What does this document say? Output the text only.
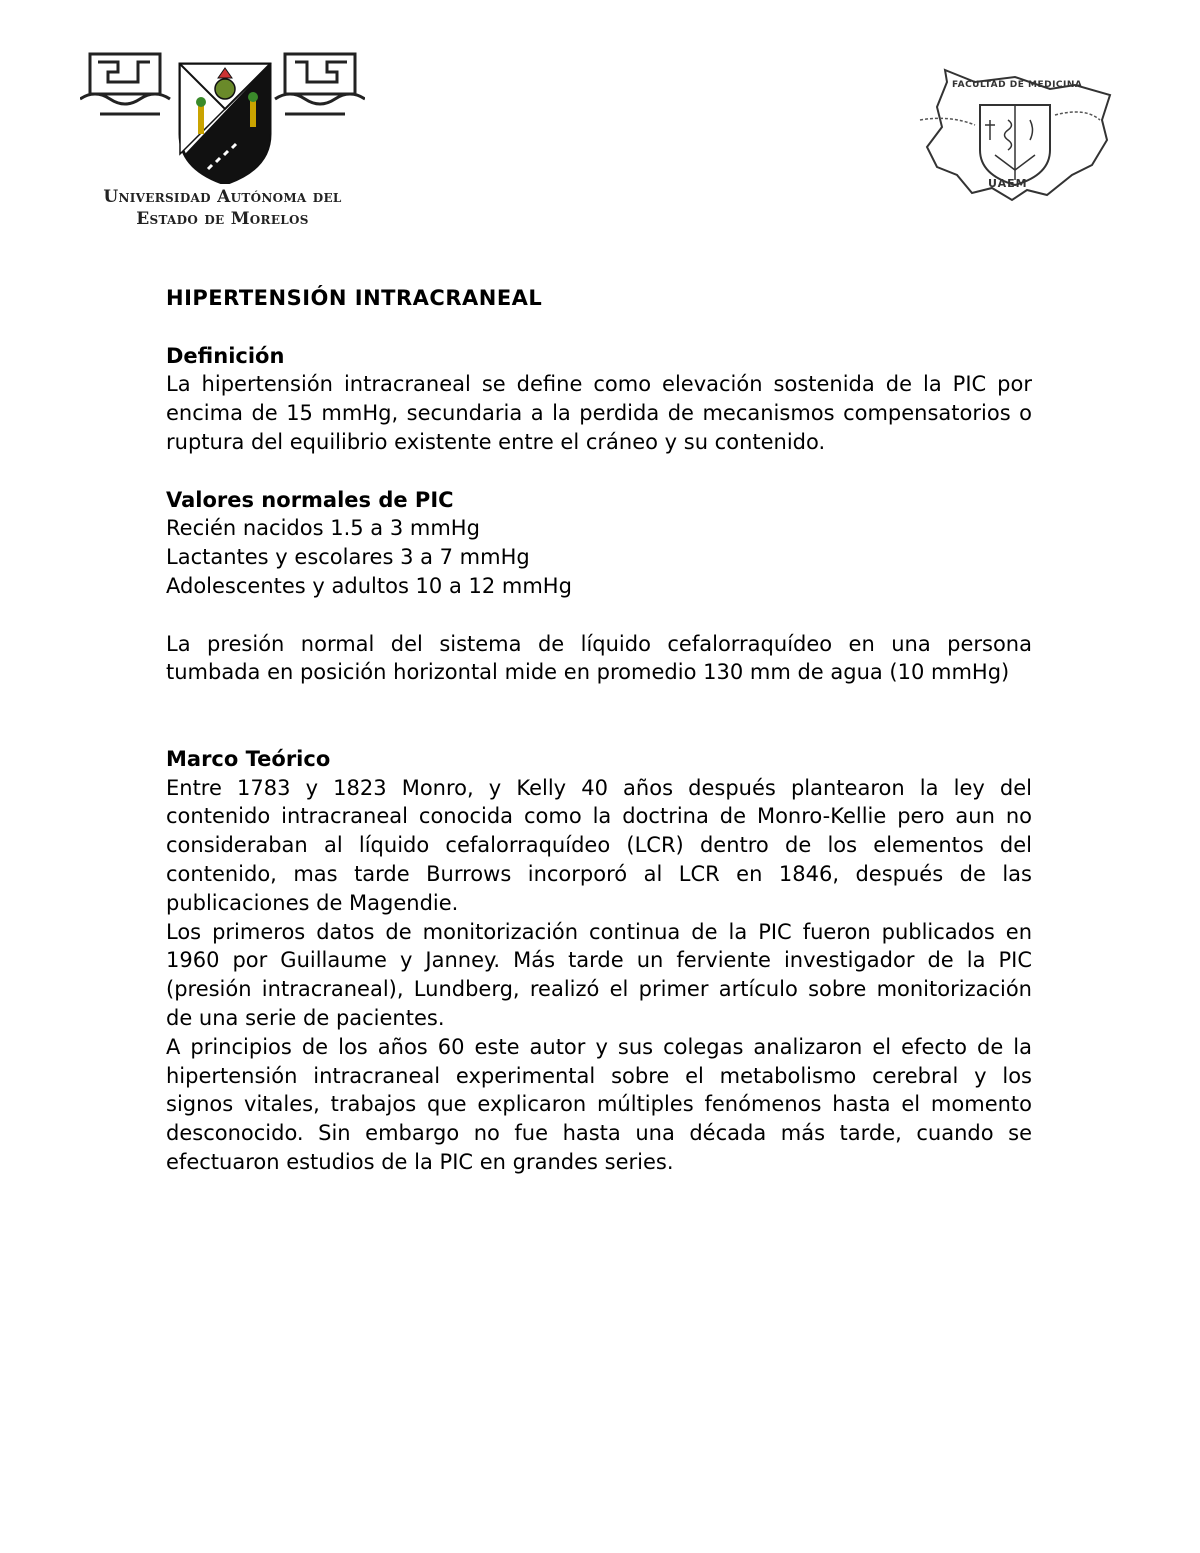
Universidad Autónoma del
Estado de Morelos
FACULTAD DE MEDICINA
UAEM

HIPERTENSIÓN INTRACRANEAL

Definición

La hipertensión intracraneal se define como elevación sostenida de la PIC por encima de 15 mmHg, secundaria a la perdida de mecanismos compensatorios o ruptura del equilibrio existente entre el cráneo y su contenido.

Valores normales de PIC

Recién nacidos 1.5 a 3 mmHg

Lactantes y escolares 3 a 7 mmHg

Adolescentes y adultos 10 a 12 mmHg

La presión normal del sistema de líquido cefalorraquídeo en una persona tumbada en posición horizontal mide en promedio 130 mm de agua (10 mmHg)

Marco Teórico

Entre 1783 y 1823 Monro, y Kelly 40 años después plantearon la ley del contenido intracraneal conocida como la doctrina de Monro-Kellie pero aun no consideraban al líquido cefalorraquídeo (LCR) dentro de los elementos del contenido, mas tarde Burrows incorporó al LCR en 1846, después de las publicaciones de Magendie.

Los primeros datos de monitorización continua de la PIC fueron publicados en 1960 por Guillaume y Janney. Más tarde un ferviente investigador de la PIC (presión intracraneal), Lundberg, realizó el primer artículo sobre monitorización de una serie de pacientes.

A principios de los años 60 este autor y sus colegas analizaron el efecto de la hipertensión intracraneal experimental sobre el metabolismo cerebral y los signos vitales, trabajos que explicaron múltiples fenómenos hasta el momento desconocido. Sin embargo no fue hasta una década más tarde, cuando se efectuaron estudios de la PIC en grandes series.
